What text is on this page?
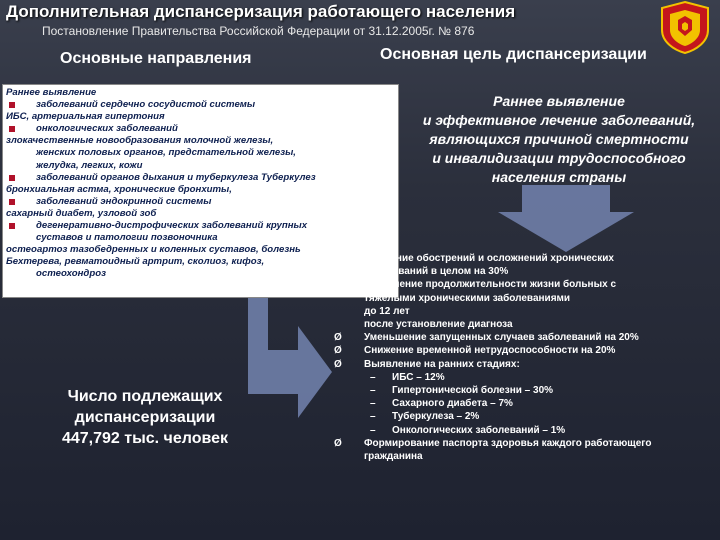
Дополнительная диспансеризация работающего населения
Постановление Правительства Российской Федерации от 31.12.2005г. № 876
Основные направления	Основная цель диспансеризации
Раннее выявление
заболеваний сердечно сосудистой системы
ИБС, артериальная гипертония
онкологических заболеваний
злокачественные новообразования молочной железы,
женских половых органов, предстательной железы,
желудка, легких, кожи
заболеваний органов дыхания и туберкулеза Туберкулез
бронхиальная астма, хронические бронхиты,
заболеваний эндокринной системы
сахарный диабет, узловой зоб
дегенеративно-дистрофических заболеваний крупных
суставов и патологии позвоночника
остеоартоз тазобедренных и коленных суставов, болезнь
Бехтерева, ревматоидный артрит, сколиоз, кифоз,
остеохондроз
Раннее выявление
и эффективное лечение заболеваний,
являющихся причиной смертности
и инвалидизации трудоспособного
населения страны
Число подлежащих
диспансеризации
447,792 тыс. человек
Ø Снижение обострений и осложнений хронических
заболеваний в целом на 30%
Ø увеличение продолжительности жизни больных с
тяжелыми хроническими заболеваниями
до 12 лет
после установление диагноза
Ø Уменьшение запущенных случаев заболеваний на 20%
Ø Снижение временной нетрудоспособности на 20%
Ø Выявление на ранних стадиях:
– ИБС – 12%
– Гипертонической болезни – 30%
– Сахарного диабета – 7%
– Туберкулеза – 2%
– Онкологических заболеваний – 1%
Ø Формирование паспорта здоровья каждого работающего
гражданина
